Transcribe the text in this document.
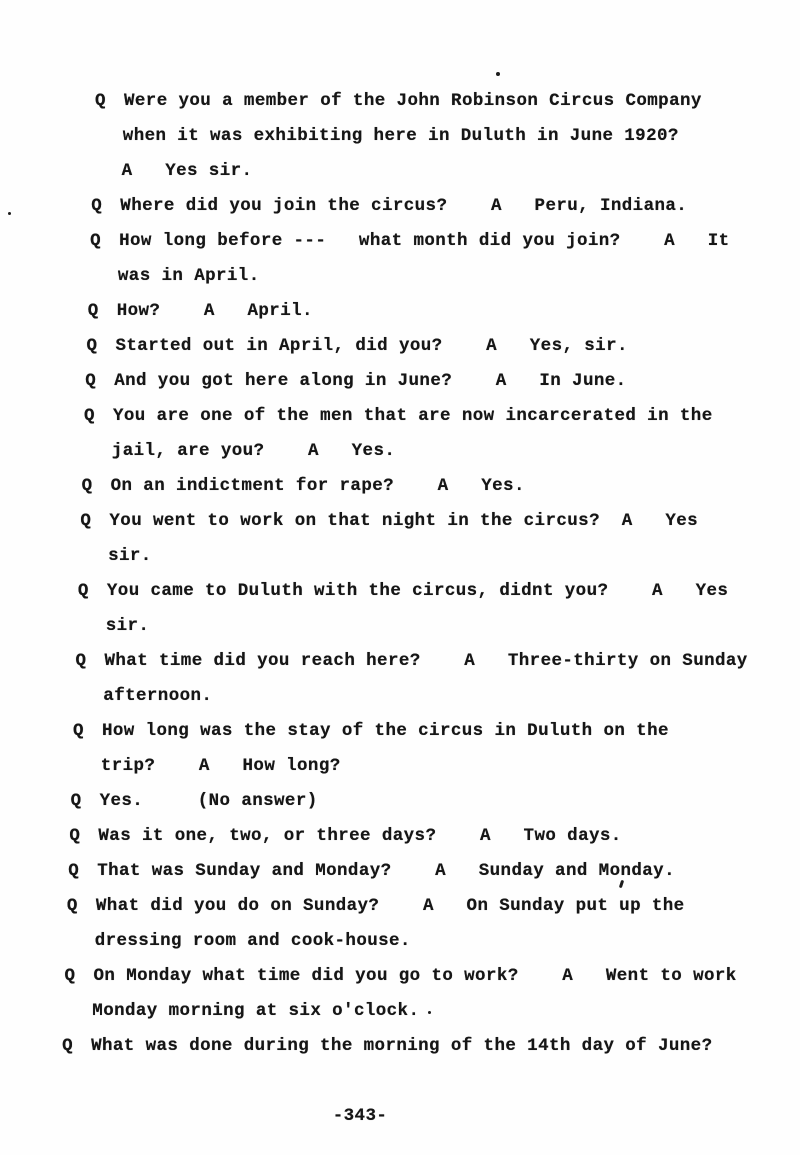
Q Were you a member of the John Robinson Circus Company
when it was exhibiting here in Duluth in June 1920?
A   Yes sir.
Q Where did you join the circus?    A   Peru, Indiana.
Q How long before ---   what month did you join?    A   It
was in April.
Q How?    A   April.
Q Started out in April, did you?    A   Yes, sir.
Q And you got here along in June?    A   In June.
Q You are one of the men that are now incarcerated in the
jail, are you?    A   Yes.
Q On an indictment for rape?    A   Yes.
Q You went to work on that night in the circus?  A   Yes
sir.
Q You came to Duluth with the circus, didnt you?    A   Yes
sir.
Q What time did you reach here?    A   Three-thirty on Sunday
afternoon.
Q How long was the stay of the circus in Duluth on the
trip?    A   How long?
Q Yes.     (No answer)
Q Was it one, two, or three days?    A   Two days.
Q That was Sunday and Monday?    A   Sunday and Monday.
Q What did you do on Sunday?    A   On Sunday put up the
dressing room and cook-house.
Q On Monday what time did you go to work?    A   Went to work
Monday morning at six o'clock.
Q What was done during the morning of the 14th day of June?
-343-
